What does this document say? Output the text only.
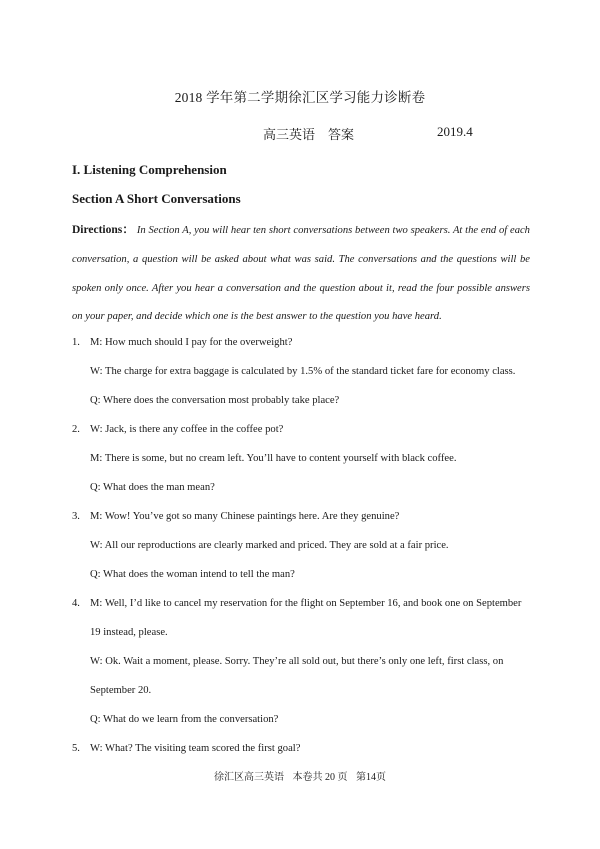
2018 学年第二学期徐汇区学习能力诊断卷
高三英语　答案	2019.4
I. Listening Comprehension
Section A Short Conversations
Directions： In Section A, you will hear ten short conversations between two speakers. At the end of each conversation, a question will be asked about what was said. The conversations and the questions will be spoken only once. After you hear a conversation and the question about it, read the four possible answers on your paper, and decide which one is the best answer to the question you have heard.
1. M: How much should I pay for the overweight?
W: The charge for extra baggage is calculated by 1.5% of the standard ticket fare for economy class.
Q: Where does the conversation most probably take place?
2. W: Jack, is there any coffee in the coffee pot?
M: There is some, but no cream left. You’ll have to content yourself with black coffee.
Q: What does the man mean?
3. M: Wow! You’ve got so many Chinese paintings here. Are they genuine?
W: All our reproductions are clearly marked and priced. They are sold at a fair price.
Q: What does the woman intend to tell the man?
4. M: Well, I’d like to cancel my reservation for the flight on September 16, and book one on September
19 instead, please.
W: Ok. Wait a moment, please. Sorry. They’re all sold out, but there’s only one left, first class, on
September 20.
Q: What do we learn from the conversation?
5. W: What? The visiting team scored the first goal?
徐汇区高三英语 本卷共 20 页 第14页
